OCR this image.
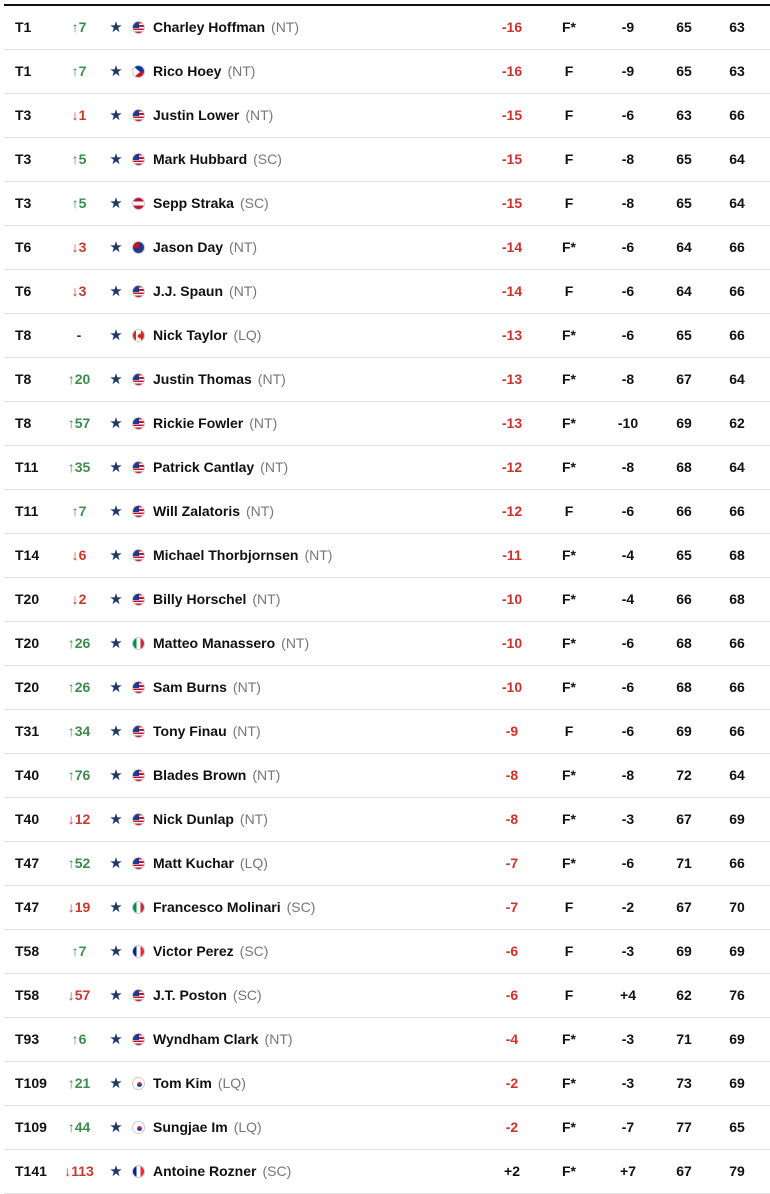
T1	↑7	★ Charley Hoffman (NT)	-16	F*	-9	65	63
T1	↑7	★ Rico Hoey (NT)	-16	F	-9	65	63
T3	↓1	★ Justin Lower (NT)	-15	F	-6	63	66
T3	↑5	★ Mark Hubbard (SC)	-15	F	-8	65	64
T3	↑5	★ Sepp Straka (SC)	-15	F	-8	65	64
T6	↓3	★ Jason Day (NT)	-14	F*	-6	64	66
T6	↓3	★ J.J. Spaun (NT)	-14	F	-6	64	66
T8	-	★ Nick Taylor (LQ)	-13	F*	-6	65	66
T8	↑20	★ Justin Thomas (NT)	-13	F*	-8	67	64
T8	↑57	★ Rickie Fowler (NT)	-13	F*	-10	69	62
T11	↑35	★ Patrick Cantlay (NT)	-12	F*	-8	68	64
T11	↑7	★ Will Zalatoris (NT)	-12	F	-6	66	66
T14	↓6	★ Michael Thorbjornsen (NT)	-11	F*	-4	65	68
T20	↓2	★ Billy Horschel (NT)	-10	F*	-4	66	68
T20	↑26	★ Matteo Manassero (NT)	-10	F*	-6	68	66
T20	↑26	★ Sam Burns (NT)	-10	F*	-6	68	66
T31	↑34	★ Tony Finau (NT)	-9	F	-6	69	66
T40	↑76	★ Blades Brown (NT)	-8	F*	-8	72	64
T40	↓12	★ Nick Dunlap (NT)	-8	F*	-3	67	69
T47	↑52	★ Matt Kuchar (LQ)	-7	F*	-6	71	66
T47	↓19	★ Francesco Molinari (SC)	-7	F	-2	67	70
T58	↑7	★ Victor Perez (SC)	-6	F	-3	69	69
T58	↓57	★ J.T. Poston (SC)	-6	F	+4	62	76
T93	↑6	★ Wyndham Clark (NT)	-4	F*	-3	71	69
T109	↑21	★ Tom Kim (LQ)	-2	F*	-3	73	69
T109	↑44	★ Sungjae Im (LQ)	-2	F*	-7	77	65
T141	↓113	★ Antoine Rozner (SC)	+2	F*	+7	67	79
